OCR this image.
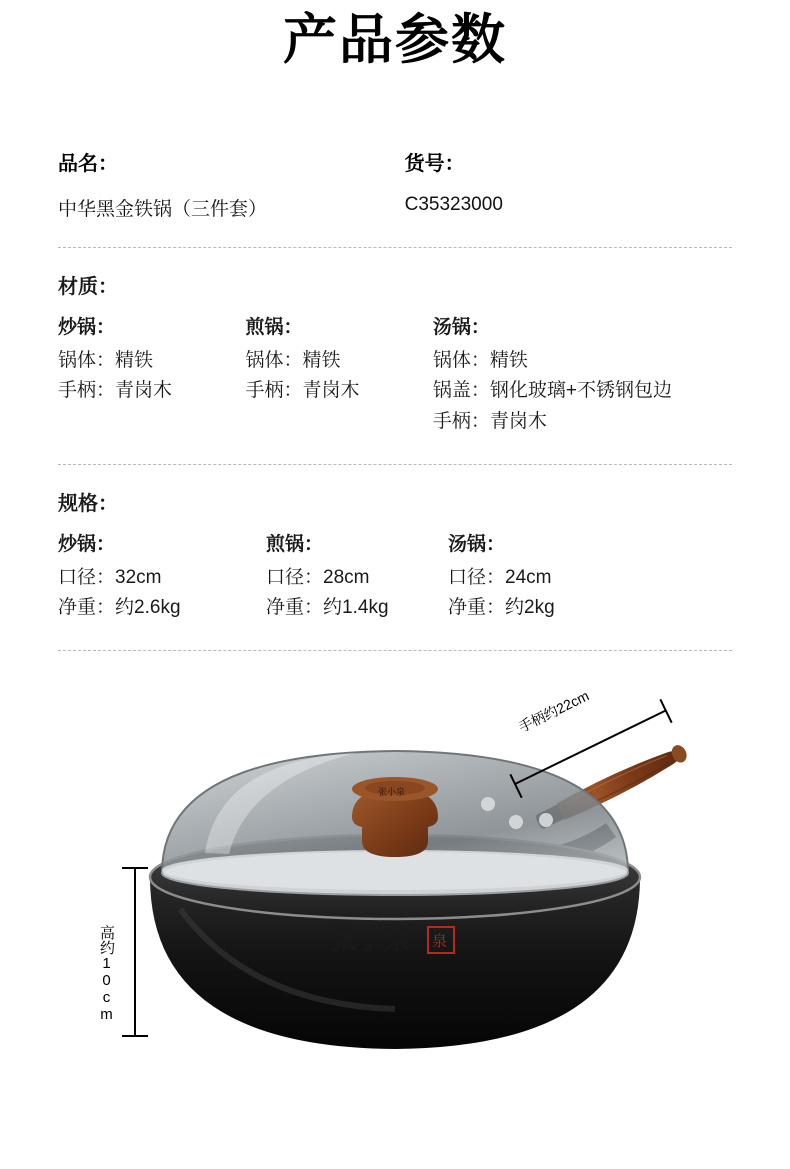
产品参数
品名：
中华黑金铁锅（三件套）
货号：
C35323000
材质：
炒锅：
锅体：精铁
手柄：青岗木
煎锅：
锅体：精铁
手柄：青岗木
汤锅：
锅体：精铁
锅盖：钢化玻璃+不锈钢包边
手柄：青岗木
规格：
炒锅：
口径：32cm
净重：约2.6kg
煎锅：
口径：28cm
净重：约1.4kg
汤锅：
口径：24cm
净重：约2kg
张小泉
张小泉 泉
高约10cm
手柄约22cm
